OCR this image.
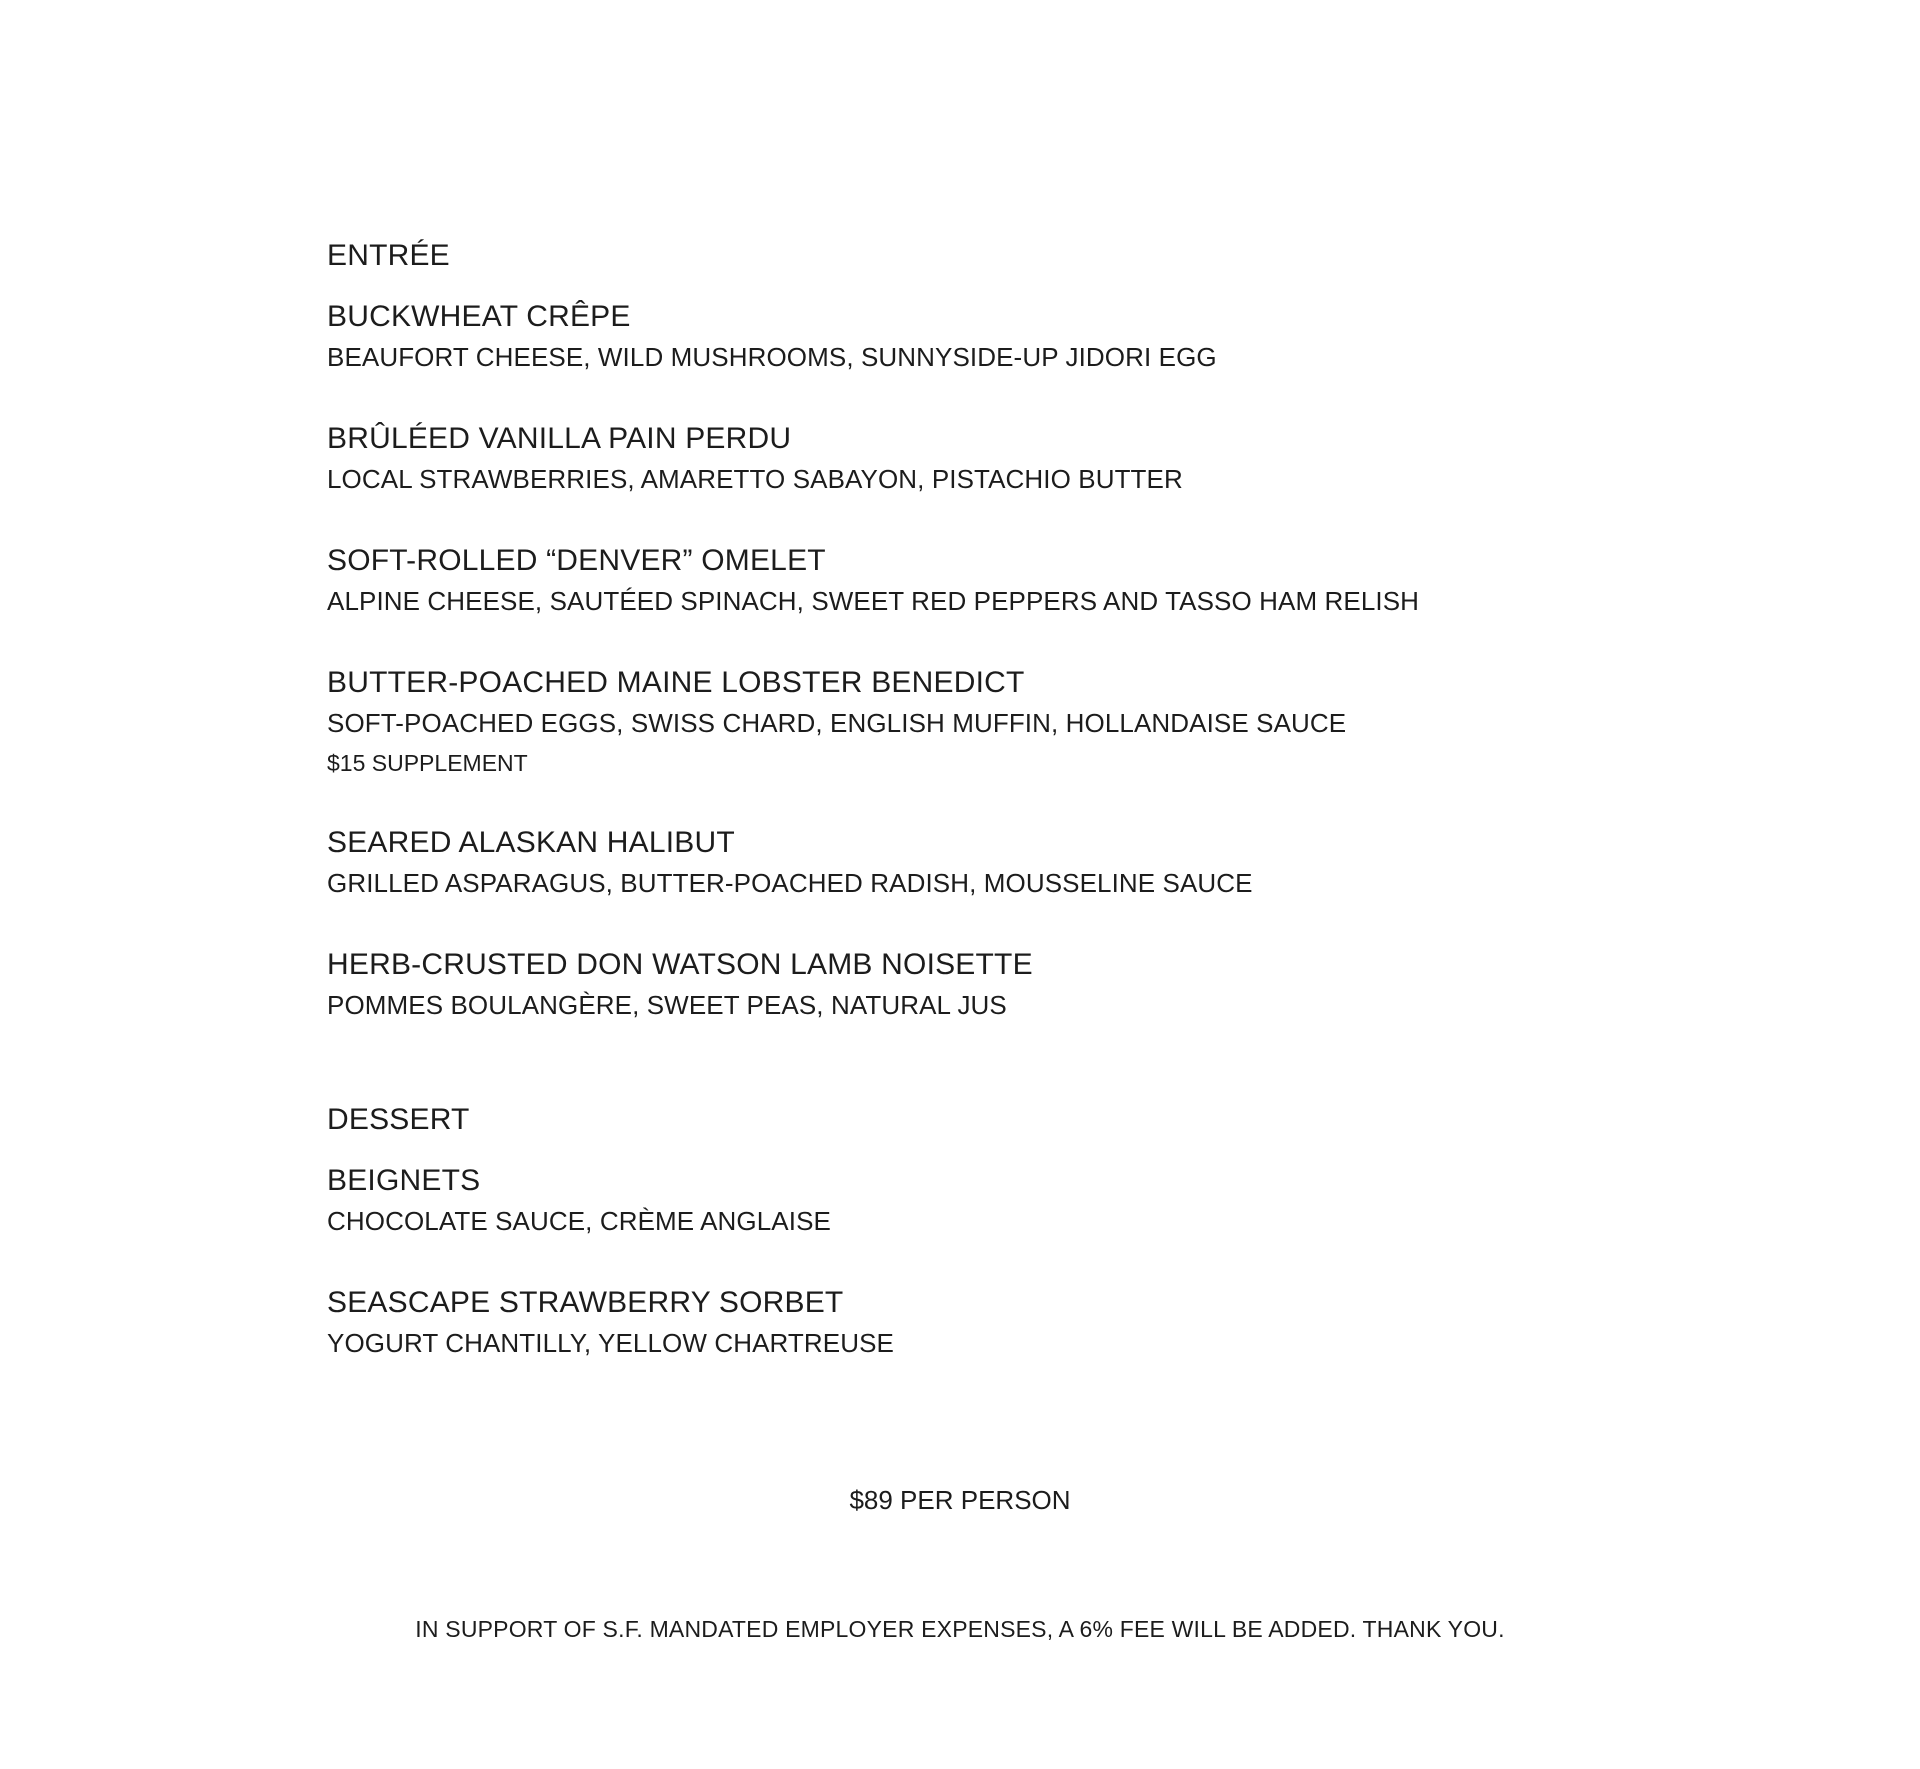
ENTRÉE

BUCKWHEAT CRÊPE

BEAUFORT CHEESE, WILD MUSHROOMS, SUNNYSIDE-UP JIDORI EGG

BRÛLÉED VANILLA PAIN PERDU

LOCAL STRAWBERRIES, AMARETTO SABAYON, PISTACHIO BUTTER

SOFT-ROLLED “DENVER” OMELET

ALPINE CHEESE, SAUTÉED SPINACH, SWEET RED PEPPERS AND TASSO HAM RELISH

BUTTER-POACHED MAINE LOBSTER BENEDICT

SOFT-POACHED EGGS, SWISS CHARD, ENGLISH MUFFIN, HOLLANDAISE SAUCE

$15 SUPPLEMENT

SEARED ALASKAN HALIBUT

GRILLED ASPARAGUS, BUTTER-POACHED RADISH, MOUSSELINE SAUCE

HERB-CRUSTED DON WATSON LAMB NOISETTE

POMMES BOULANGÈRE, SWEET PEAS, NATURAL JUS

DESSERT

BEIGNETS

CHOCOLATE SAUCE, CRÈME ANGLAISE

SEASCAPE STRAWBERRY SORBET

YOGURT CHANTILLY, YELLOW CHARTREUSE

$89 PER PERSON
IN SUPPORT OF S.F. MANDATED EMPLOYER EXPENSES, A 6% FEE WILL BE ADDED. THANK YOU.
